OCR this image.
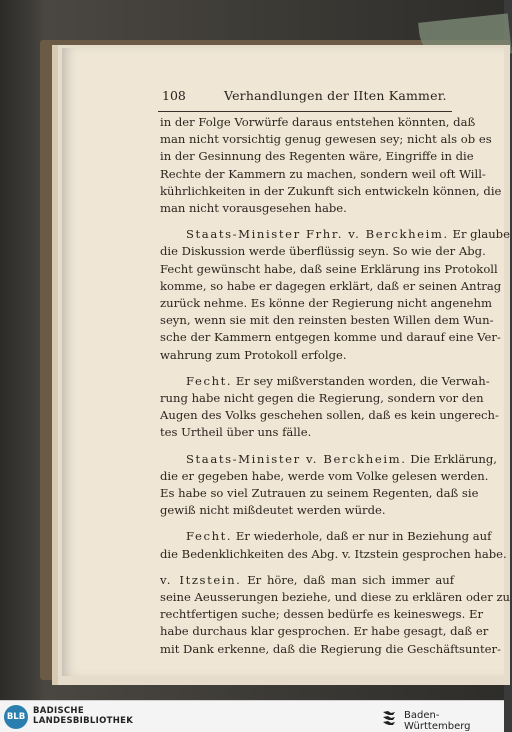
108	Verhandlungen der IIten Kammer.

in der Folge Vorwürfe daraus entstehen könnten, daß
man nicht vorsichtig genug gewesen sey; nicht als ob es
in der Gesinnung des Regenten wäre, Eingriffe in die
Rechte der Kammern zu machen, sondern weil oft Will-
kührlichkeiten in der Zukunft sich entwickeln können, die
man nicht vorausgesehen habe.

Staats-Minister Frhr. v. Berckheim. Er glaube
die Diskussion werde überflüssig seyn. So wie der Abg.
Fecht gewünscht habe, daß seine Erklärung ins Protokoll
komme, so habe er dagegen erklärt, daß er seinen Antrag
zurück nehme. Es könne der Regierung nicht angenehm
seyn, wenn sie mit den reinsten besten Willen dem Wun-
sche der Kammern entgegen komme und darauf eine Ver-
wahrung zum Protokoll erfolge.

Fecht. Er sey mißverstanden worden, die Verwah-
rung habe nicht gegen die Regierung, sondern vor den
Augen des Volks geschehen sollen, daß es kein ungerech-
tes Urtheil über uns fälle.

Staats-Minister v. Berckheim. Die Erklärung,
die er gegeben habe, werde vom Volke gelesen werden.
Es habe so viel Zutrauen zu seinem Regenten, daß sie
gewiß nicht mißdeutet werden würde.

Fecht. Er wiederhole, daß er nur in Beziehung auf
die Bedenklichkeiten des Abg. v. Itzstein gesprochen habe.

v. Itzstein. Er höre, daß man sich immer auf
seine Aeusserungen beziehe, und diese zu erklären oder zu
rechtfertigen suche; dessen bedürfe es keineswegs. Er
habe durchaus klar gesprochen. Er habe gesagt, daß er
mit Dank erkenne, daß die Regierung die Geschäftsunter-

BLB
BADISCHE
LANDESBIBLIOTHEK	Baden-Württemberg
